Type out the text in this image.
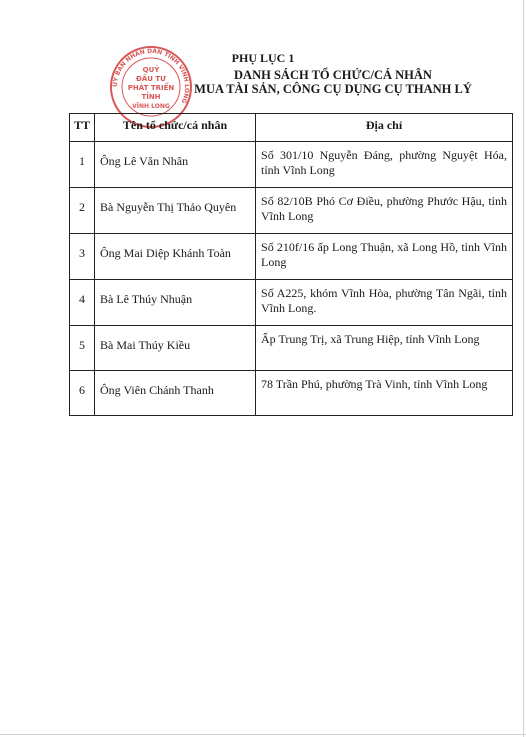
PHỤ LỤC 1
DANH SÁCH TỔ CHỨC/CÁ NHÂN
MUA TÀI SẢN, CÔNG CỤ DỤNG CỤ THANH LÝ
ỦY BAN NHÂN DÂN TỈNH VĨNH LONG
QUỸ
ĐẦU TƯ
PHÁT TRIỂN
TỈNH
VĨNH LONG
TT	Tên tổ chức/cá nhân	Địa chỉ
1	Ông Lê Văn Nhân	Số 301/10 Nguyễn Đáng, phường Nguyệt Hóa, tỉnh Vĩnh Long
2	Bà Nguyễn Thị Thảo Quyên	Số 82/10B Phó Cơ Điều, phường Phước Hậu, tỉnh Vĩnh Long
3	Ông Mai Diệp Khánh Toàn	Số 210f/16 ấp Long Thuận, xã Long Hồ, tỉnh Vĩnh Long
4	Bà Lê Thúy Nhuận	Số A225, khóm Vĩnh Hòa, phường Tân Ngãi, tỉnh Vĩnh Long.
5	Bà Mai Thúy Kiều	Ấp Trung Trị, xã Trung Hiệp, tỉnh Vĩnh Long
6	Ông Viên Chánh Thanh	78 Trần Phú, phường Trà Vinh, tỉnh Vĩnh Long
